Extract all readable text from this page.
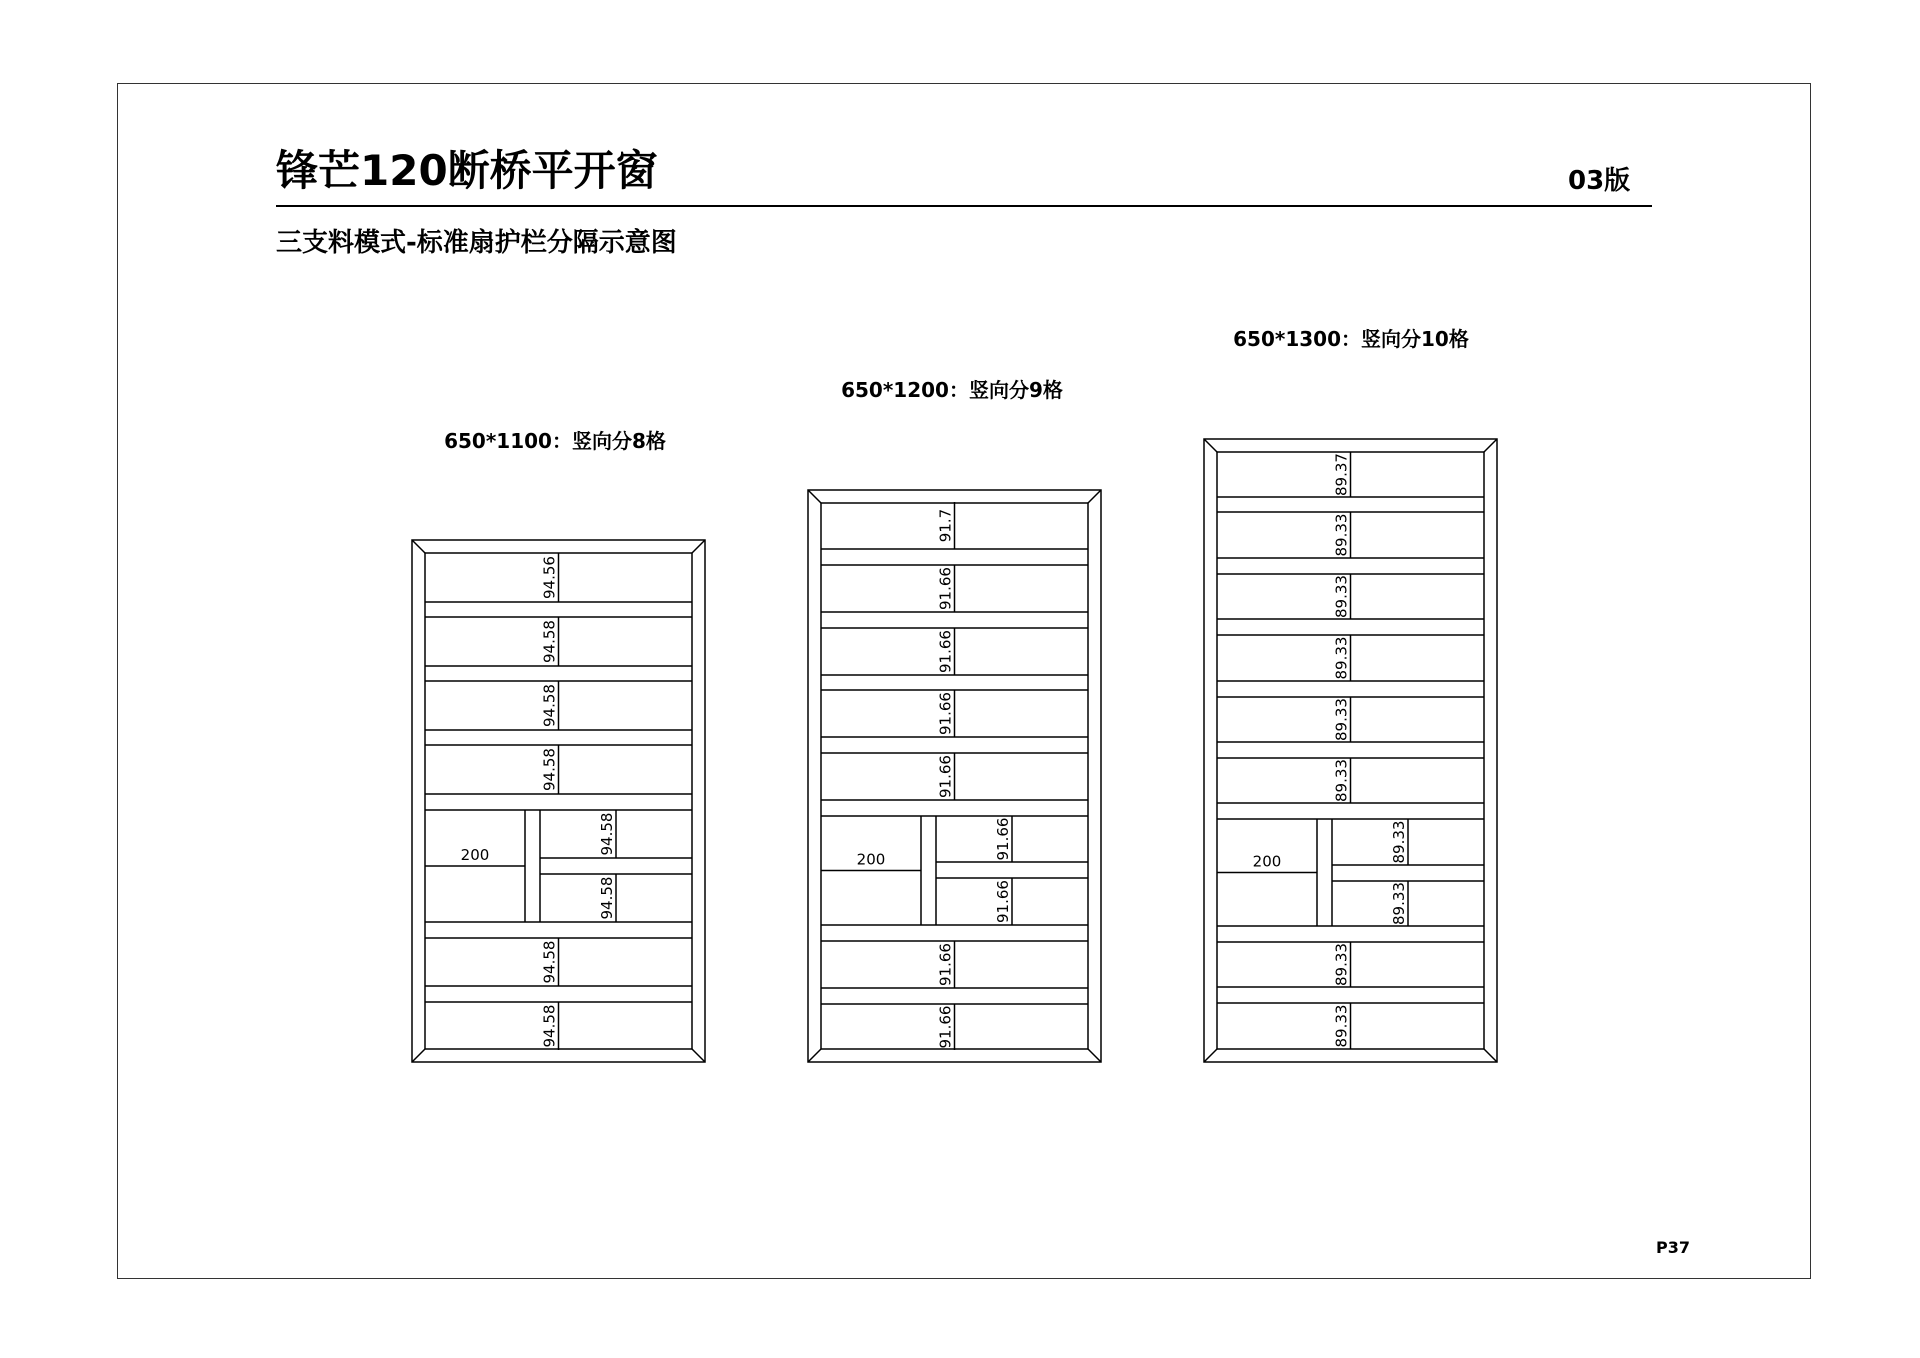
锋芒120断桥平开窗	03版
三支料模式-标准扇护栏分隔示意图
P37
650*1100：竖向分8格
94.56
94.58
94.58
94.58
200	94.58
94.58
94.58
94.58
650*1200：竖向分9格
91.7
91.66
91.66
91.66
91.66
200	91.66
91.66
91.66
91.66
650*1300：竖向分10格
89.37
89.33
89.33
89.33
89.33
89.33
200	89.33
89.33
89.33
89.33
